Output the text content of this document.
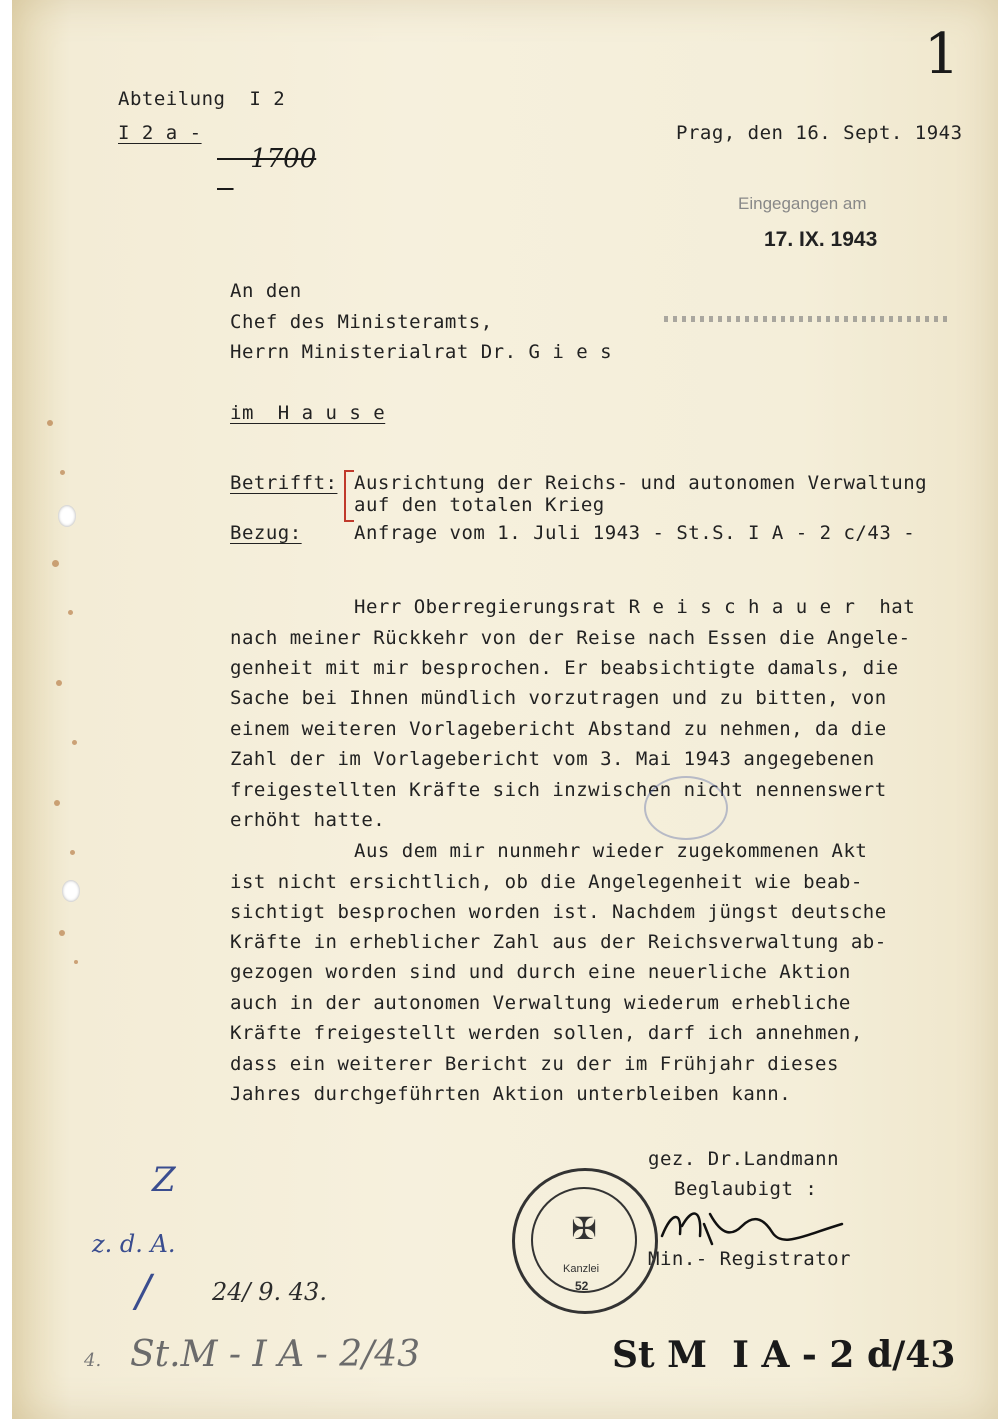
1
Abteilung  I 2
I 2 a -

1700

Prag, den 16. Sept. 1943
Eingegangen am
17. IX. 1943
An den
Chef des Ministeramts,
Herrn Ministerialrat Dr. G i e s
im  H a u s e
Betrifft: Ausrichtung der Reichs- und autonomen Verwaltung
auf den totalen Krieg
Bezug:	Anfrage vom 1. Juli 1943 - St.S. I A - 2 c/43 -
Herr Oberregierungsrat R e i s c h a u e r  hat
nach meiner Rückkehr von der Reise nach Essen die Angele-
genheit mit mir besprochen. Er beabsichtigte damals, die
Sache bei Ihnen mündlich vorzutragen und zu bitten, von
einem weiteren Vorlagebericht Abstand zu nehmen, da die
Zahl der im Vorlagebericht vom 3. Mai 1943 angegebenen
freigestellten Kräfte sich inzwischen nicht nennenswert
erhöht hatte.
Aus dem mir nunmehr wieder zugekommenen Akt
ist nicht ersichtlich, ob die Angelegenheit wie beab-
sichtigt besprochen worden ist. Nachdem jüngst deutsche
Kräfte in erheblicher Zahl aus der Reichsverwaltung ab-
gezogen worden sind und durch eine neuerliche Aktion
auch in der autonomen Verwaltung wiederum erhebliche
Kräfte freigestellt werden sollen, darf ich annehmen,
dass ein weiterer Bericht zu der im Frühjahr dieses
Jahres durchgeführten Aktion unterbleiben kann.
gez. Dr.Landmann
Beglaubigt :
Min.- Registrator
✠
Kanzlei
52
Z
z. d. A.
24/ 9. 43.
/
4. St.M - I A - 2/43	St M  I A - 2 d/43
